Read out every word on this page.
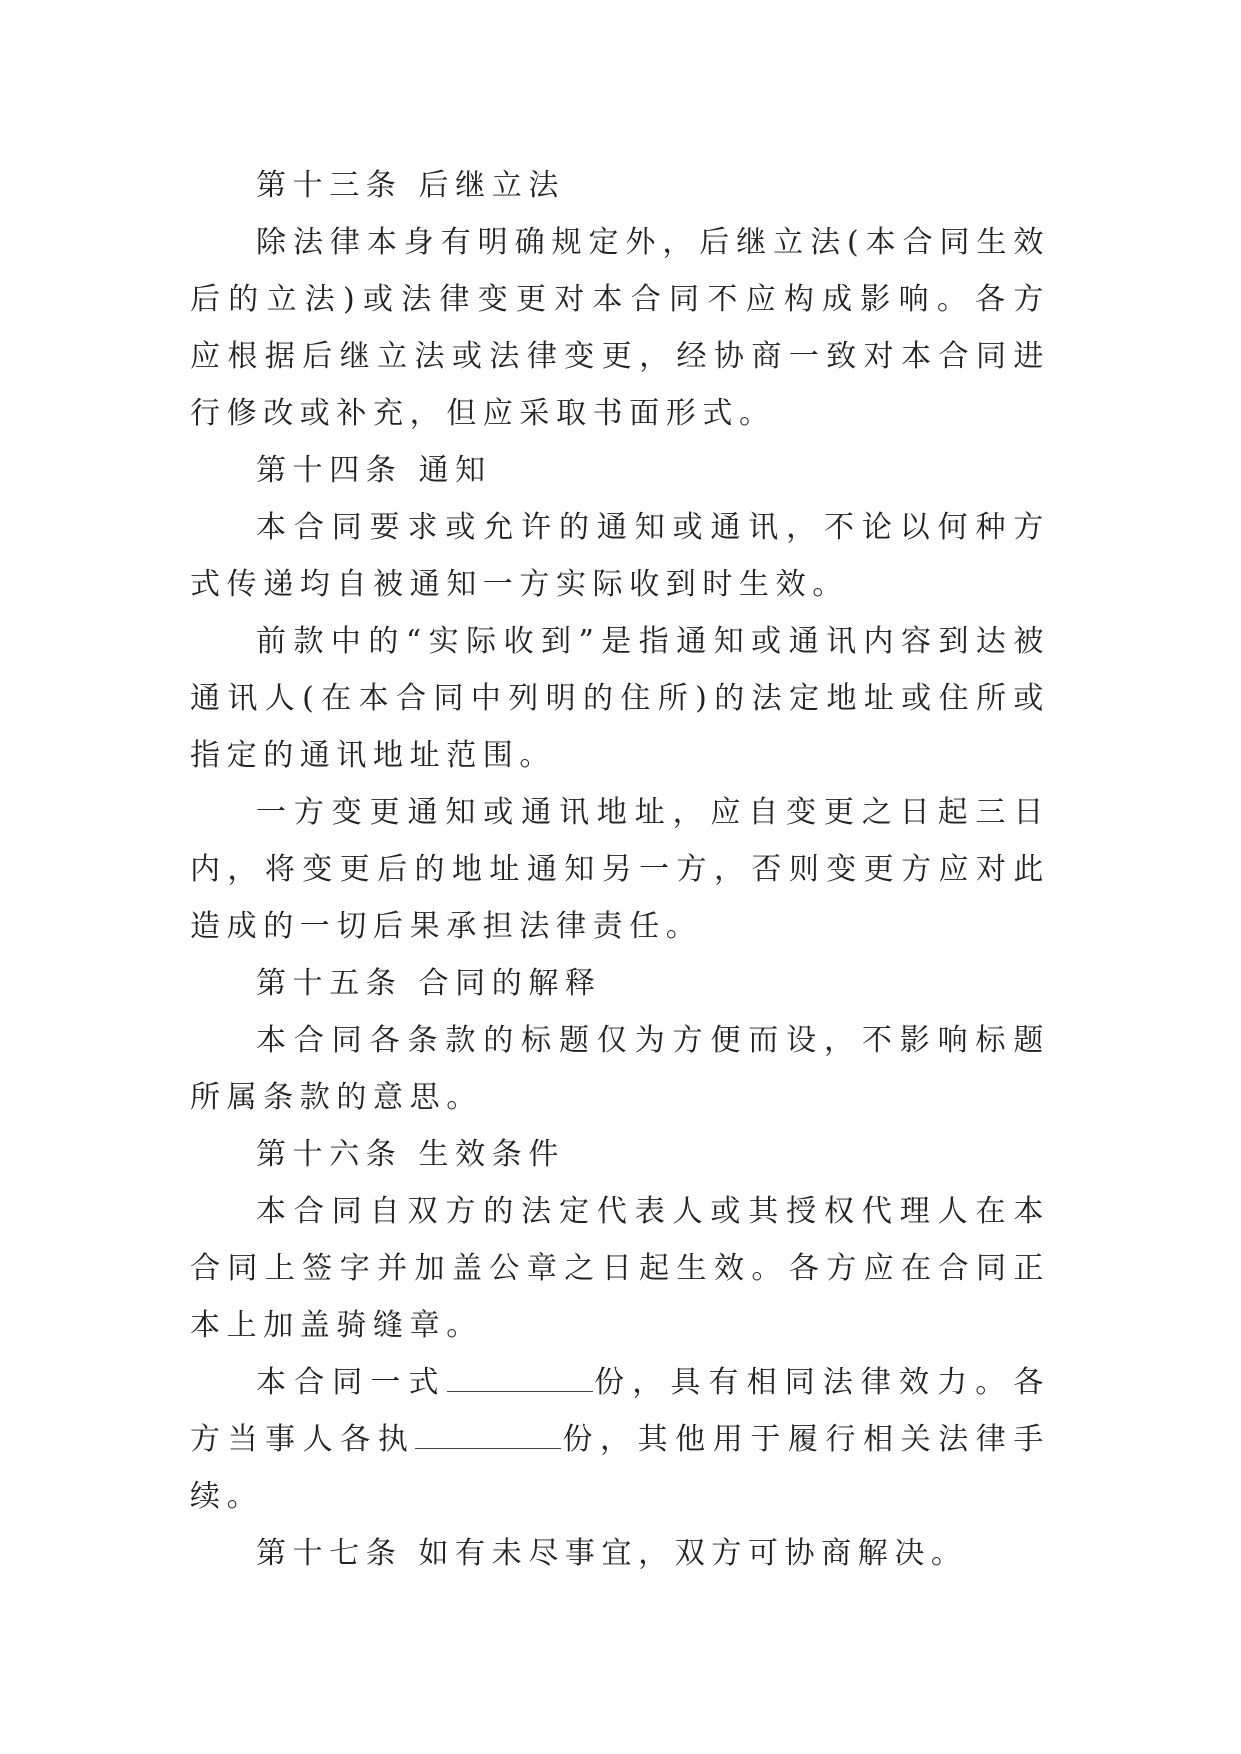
第十三条 后继立法

除法律本身有明确规定外，后继立法(本合同生效后的立法)或法律变更对本合同不应构成影响。各方应根据后继立法或法律变更，经协商一致对本合同进行修改或补充，但应采取书面形式。

第十四条 通知

本合同要求或允许的通知或通讯，不论以何种方式传递均自被通知一方实际收到时生效。

前款中的“实际收到”是指通知或通讯内容到达被通讯人(在本合同中列明的住所)的法定地址或住所或指定的通讯地址范围。

一方变更通知或通讯地址，应自变更之日起三日内，将变更后的地址通知另一方，否则变更方应对此造成的一切后果承担法律责任。

第十五条 合同的解释

本合同各条款的标题仅为方便而设，不影响标题所属条款的意思。

第十六条 生效条件

本合同自双方的法定代表人或其授权代理人在本合同上签字并加盖公章之日起生效。各方应在合同正本上加盖骑缝章。

本合同一式	份，具有相同法律效力。各方当事人各执	份，其他用于履行相关法律手续。

第十七条 如有未尽事宜，双方可协商解决。
